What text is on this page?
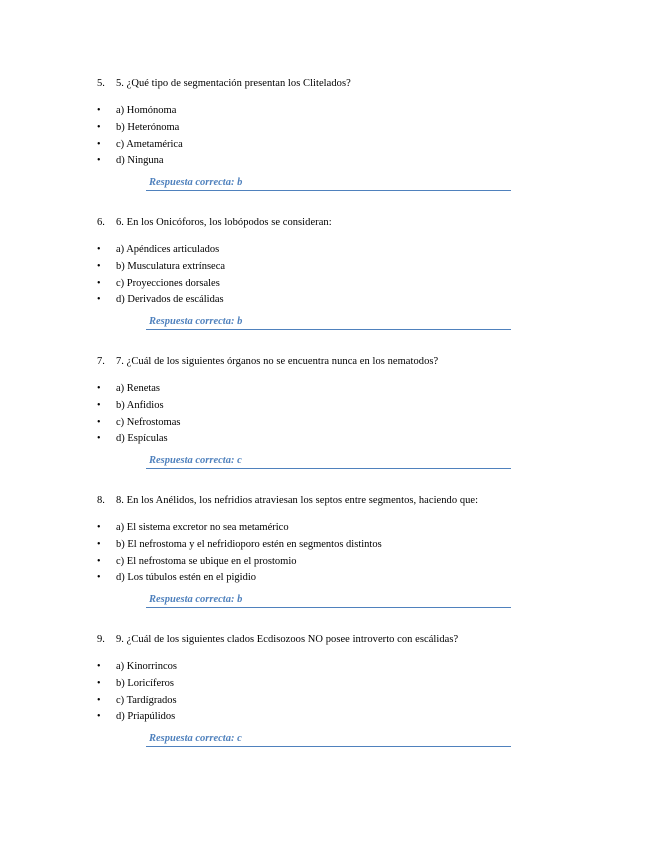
5. 5. ¿Qué tipo de segmentación presentan los Clitelados?
• a) Homónoma
• b) Heterónoma
• c) Ametamérica
• d) Ninguna
Respuesta correcta: b
6. 6. En los Onicóforos, los lobópodos se consideran:
• a) Apéndices articulados
• b) Musculatura extrínseca
• c) Proyecciones dorsales
• d) Derivados de escálidas
Respuesta correcta: b
7. 7. ¿Cuál de los siguientes órganos no se encuentra nunca en los nematodos?
• a) Renetas
• b) Anfidios
• c) Nefrostomas
• d) Espículas
Respuesta correcta: c
8. 8. En los Anélidos, los nefridios atraviesan los septos entre segmentos, haciendo que:
• a) El sistema excretor no sea metamérico
• b) El nefrostoma y el nefridioporo estén en segmentos distintos
• c) El nefrostoma se ubique en el prostomio
• d) Los túbulos estén en el pigidio
Respuesta correcta: b
9. 9. ¿Cuál de los siguientes clados Ecdisozoos NO posee introverto con escálidas?
• a) Kinorrincos
• b) Loricíferos
• c) Tardígrados
• d) Priapúlidos
Respuesta correcta: c
